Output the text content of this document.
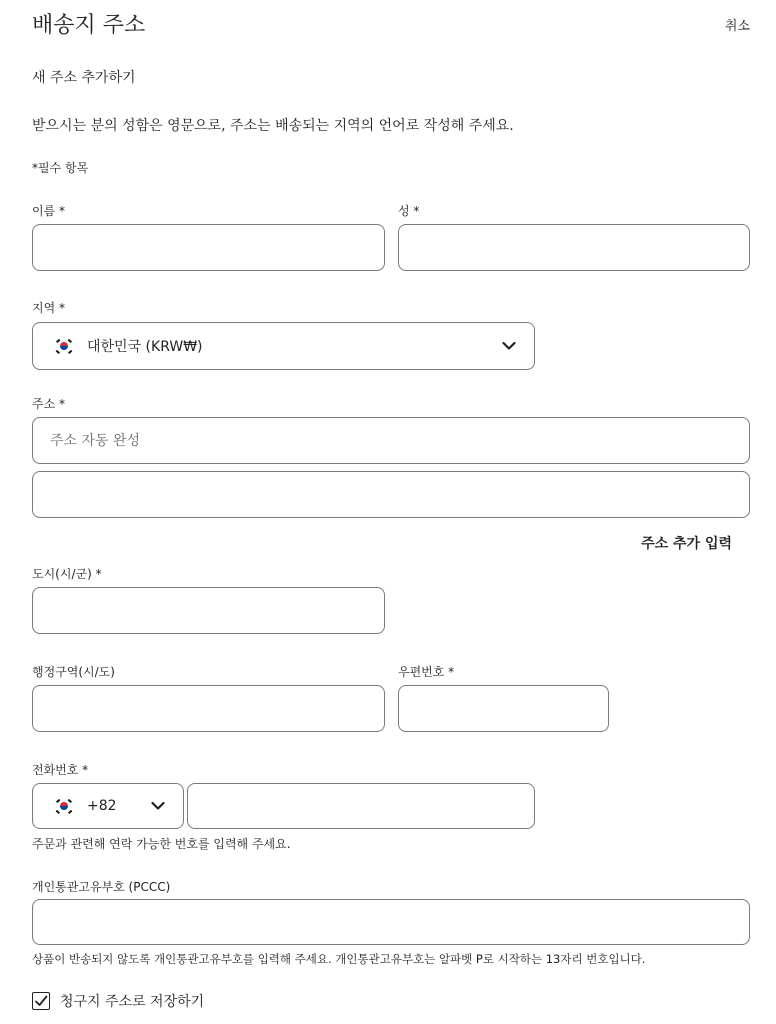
배송지 주소	취소
새 주소 추가하기
받으시는 분의 성함은 영문으로, 주소는 배송되는 지역의 언어로 작성해 주세요.
*필수 항목
이름 *	성 *
지역 *
대한민국 (KRW₩)
주소 *
주소 자동 완성
주소 추가 입력
도시(시/군) *
행정구역(시/도)	우편번호 *
전화번호 *
+82
주문과 관련해 연락 가능한 번호를 입력해 주세요.
개인통관고유부호 (PCCC)
상품이 반송되지 않도록 개인통관고유부호를 입력해 주세요. 개인통관고유부호는 알파벳 P로 시작하는 13자리 번호입니다.
청구지 주소로 저장하기
